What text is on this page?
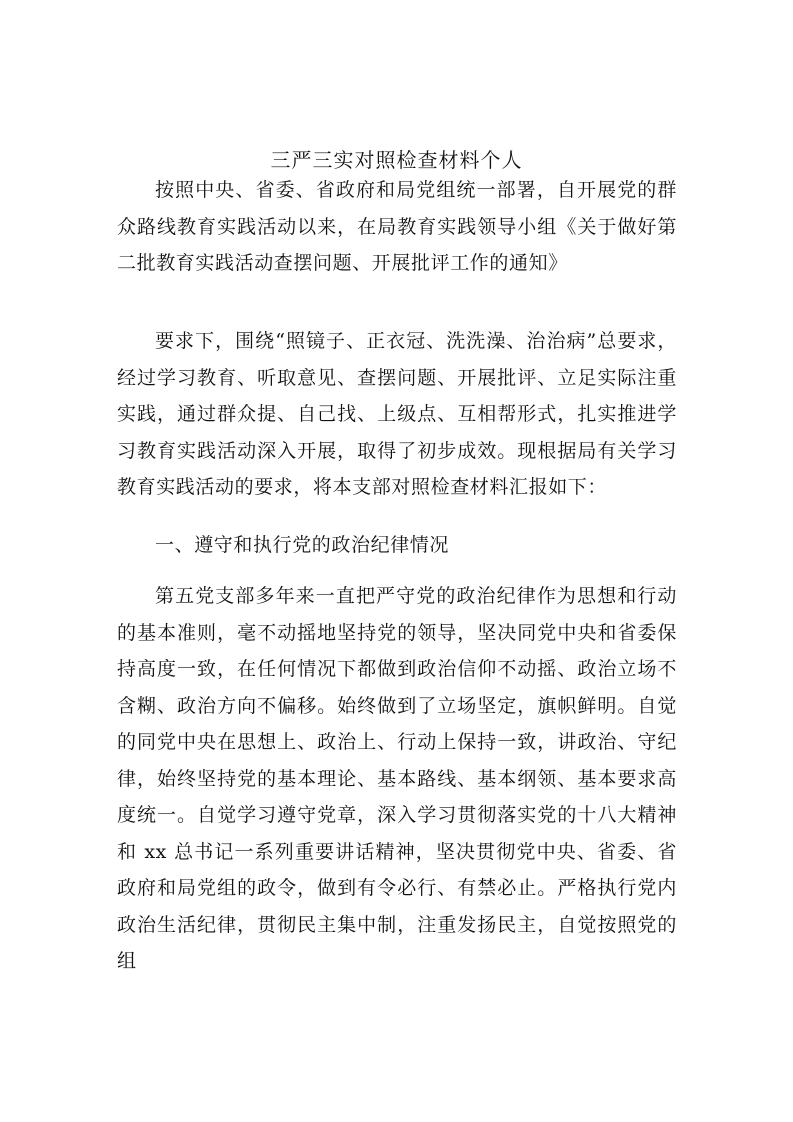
三严三实对照检查材料个人

按照中央、省委、省政府和局党组统一部署，自开展党的群众路线教育实践活动以来，在局教育实践领导小组《关于做好第二批教育实践活动查摆问题、开展批评工作的通知》

要求下，围绕“照镜子、正衣冠、洗洗澡、治治病”总要求，经过学习教育、听取意见、查摆问题、开展批评、立足实际注重实践，通过群众提、自己找、上级点、互相帮形式，扎实推进学习教育实践活动深入开展，取得了初步成效。现根据局有关学习教育实践活动的要求，将本支部对照检查材料汇报如下：

一、遵守和执行党的政治纪律情况

第五党支部多年来一直把严守党的政治纪律作为思想和行动的基本准则，毫不动摇地坚持党的领导，坚决同党中央和省委保持高度一致，在任何情况下都做到政治信仰不动摇、政治立场不含糊、政治方向不偏移。始终做到了立场坚定，旗帜鲜明。自觉的同党中央在思想上、政治上、行动上保持一致，讲政治、守纪律，始终坚持党的基本理论、基本路线、基本纲领、基本要求高度统一。自觉学习遵守党章，深入学习贯彻落实党的十八大精神和 xx 总书记一系列重要讲话精神，坚决贯彻党中央、省委、省政府和局党组的政令，做到有令必行、有禁必止。严格执行党内政治生活纪律，贯彻民主集中制，注重发扬民主，自觉按照党的组
